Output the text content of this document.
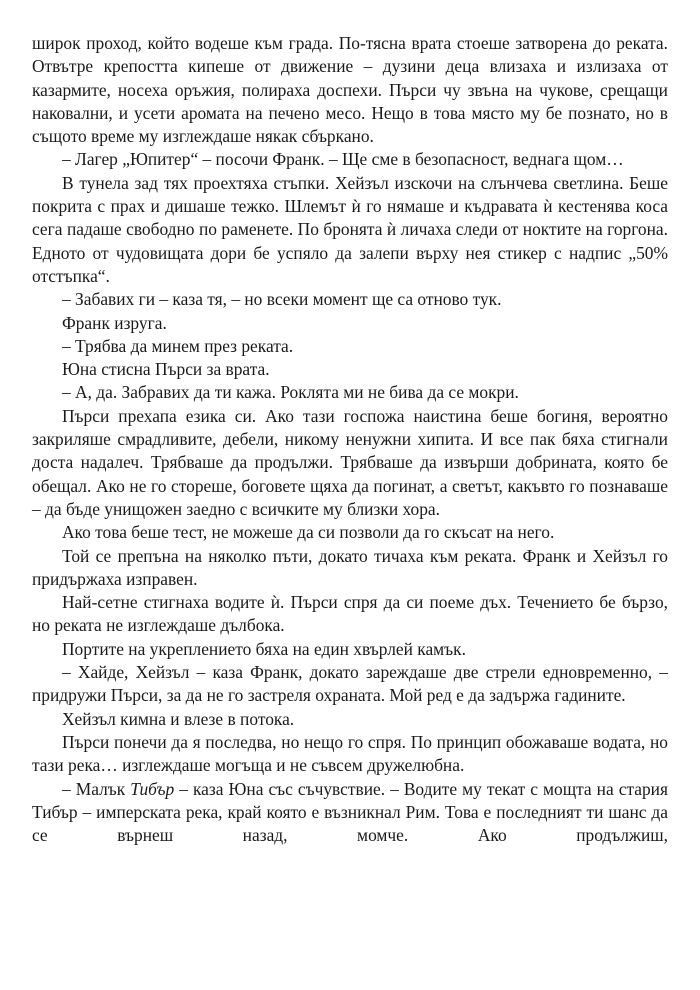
широк проход, който водеше към града. По-тясна врата стоеше затворена до реката. Отвътре крепостта кипеше от движение – дузини деца влизаха и излизаха от казармите, носеха оръжия, полираха доспехи. Пърси чу звъна на чукове, срещащи наковални, и усети аромата на печено месо. Нещо в това място му бе познато, но в същото време му изглеждаше някак сбъркано.

– Лагер „Юпитер“ – посочи Франк. – Ще сме в безопасност, веднага щом…

В тунела зад тях проехтяха стъпки. Хейзъл изскочи на слънчева светлина. Беше покрита с прах и дишаше тежко. Шлемът ѝ го нямаше и къдравата ѝ кестенява коса сега падаше свободно по раменете. По бронята ѝ личаха следи от ноктите на горгона. Едното от чудовищата дори бе успяло да залепи върху нея стикер с надпис „50% отстъпка“.

– Забавих ги – каза тя, – но всеки момент ще са отново тук.

Франк изруга.

– Трябва да минем през реката.

Юна стисна Пърси за врата.

– А, да. Забравих да ти кажа. Роклята ми не бива да се мокри.

Пърси прехапа езика си. Ако тази госпожа наистина беше богиня, вероятно закриляше смрадливите, дебели, никому ненужни хипита. И все пак бяха стигнали доста надалеч. Трябваше да продължи. Трябваше да извърши добрината, която бе обещал. Ако не го стореше, боговете щяха да погинат, а светът, какъвто го познаваше – да бъде унищожен заедно с всичките му близки хора.

Ако това беше тест, не можеше да си позволи да го скъсат на него.

Той се препъна на няколко пъти, докато тичаха към реката. Франк и Хейзъл го придържаха изправен.

Най-сетне стигнаха водите ѝ. Пърси спря да си поеме дъх. Течението бе бързо, но реката не изглеждаше дълбока.

Портите на укреплението бяха на един хвърлей камък.

– Хайде, Хейзъл – каза Франк, докато зареждаше две стрели едновременно, – придружи Пърси, за да не го застреля охраната. Мой ред е да задържа гадините.

Хейзъл кимна и влезе в потока.

Пърси понечи да я последва, но нещо го спря. По принцип обожаваше водата, но тази река… изглеждаше могъща и не съвсем дружелюбна.

– Малък Тибър – каза Юна със съчувствие. – Водите му текат с мощта на стария Тибър – имперската река, край която е възникнал Рим. Това е последният ти шанс да се върнеш назад, момче. Ако продължиш,
